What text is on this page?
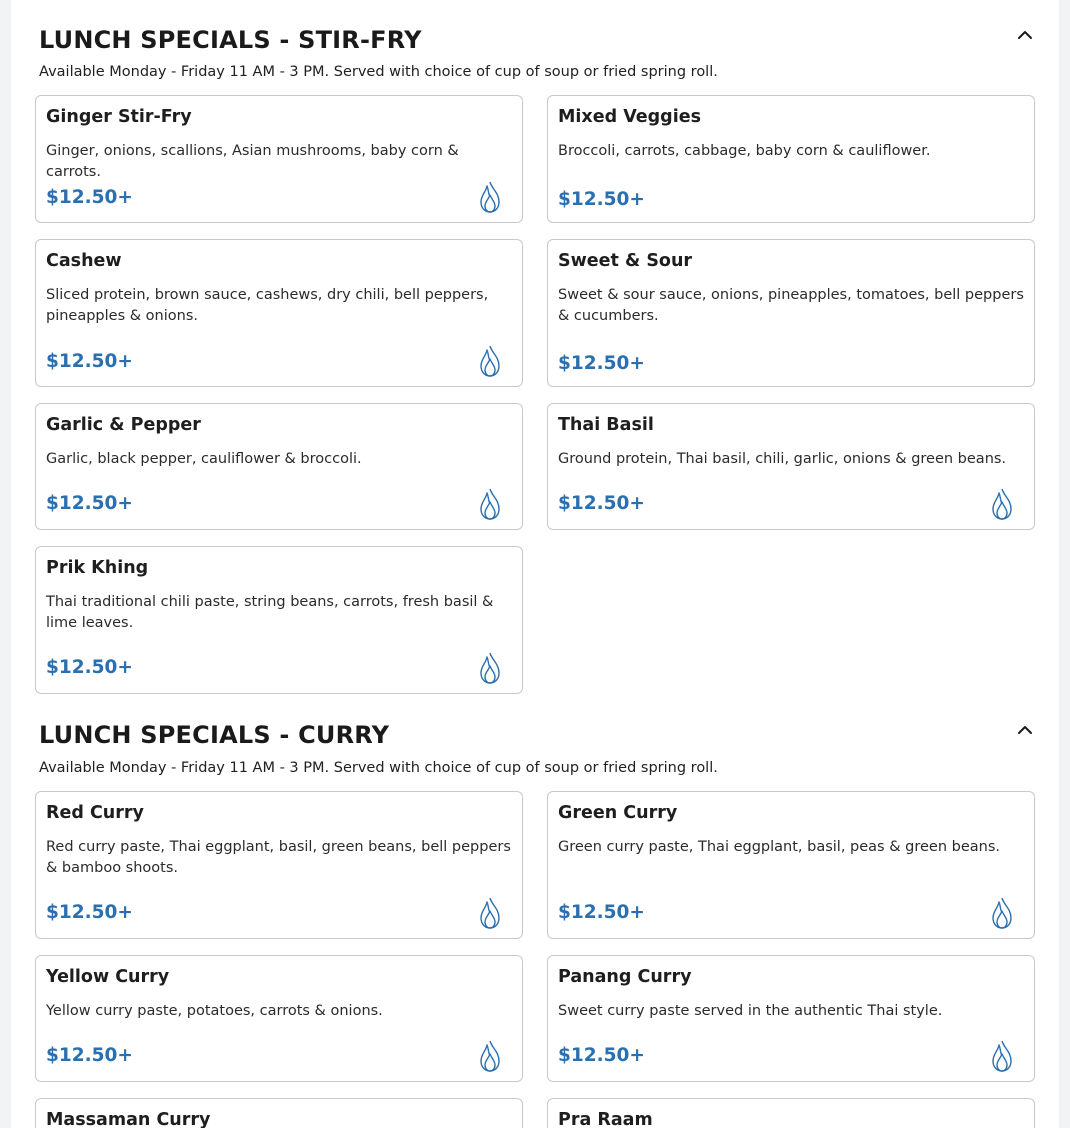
LUNCH SPECIALS - STIR-FRY
Available Monday - Friday 11 AM - 3 PM. Served with choice of cup of soup or fried spring roll.
Ginger Stir-Fry
Ginger, onions, scallions, Asian mushrooms, baby corn & carrots.
$12.50+
Mixed Veggies
Broccoli, carrots, cabbage, baby corn & cauliflower.
$12.50+
Cashew
Sliced protein, brown sauce, cashews, dry chili, bell peppers, pineapples & onions.
$12.50+
Sweet & Sour
Sweet & sour sauce, onions, pineapples, tomatoes, bell peppers & cucumbers.
$12.50+
Garlic & Pepper
Garlic, black pepper, cauliflower & broccoli.
$12.50+
Thai Basil
Ground protein, Thai basil, chili, garlic, onions & green beans.
$12.50+
Prik Khing
Thai traditional chili paste, string beans, carrots, fresh basil & lime leaves.
$12.50+
LUNCH SPECIALS - CURRY
Available Monday - Friday 11 AM - 3 PM. Served with choice of cup of soup or fried spring roll.
Red Curry
Red curry paste, Thai eggplant, basil, green beans, bell peppers & bamboo shoots.
$12.50+
Green Curry
Green curry paste, Thai eggplant, basil, peas & green beans.
$12.50+
Yellow Curry
Yellow curry paste, potatoes, carrots & onions.
$12.50+
Panang Curry
Sweet curry paste served in the authentic Thai style.
$12.50+
Massaman Curry	Pra Raam
